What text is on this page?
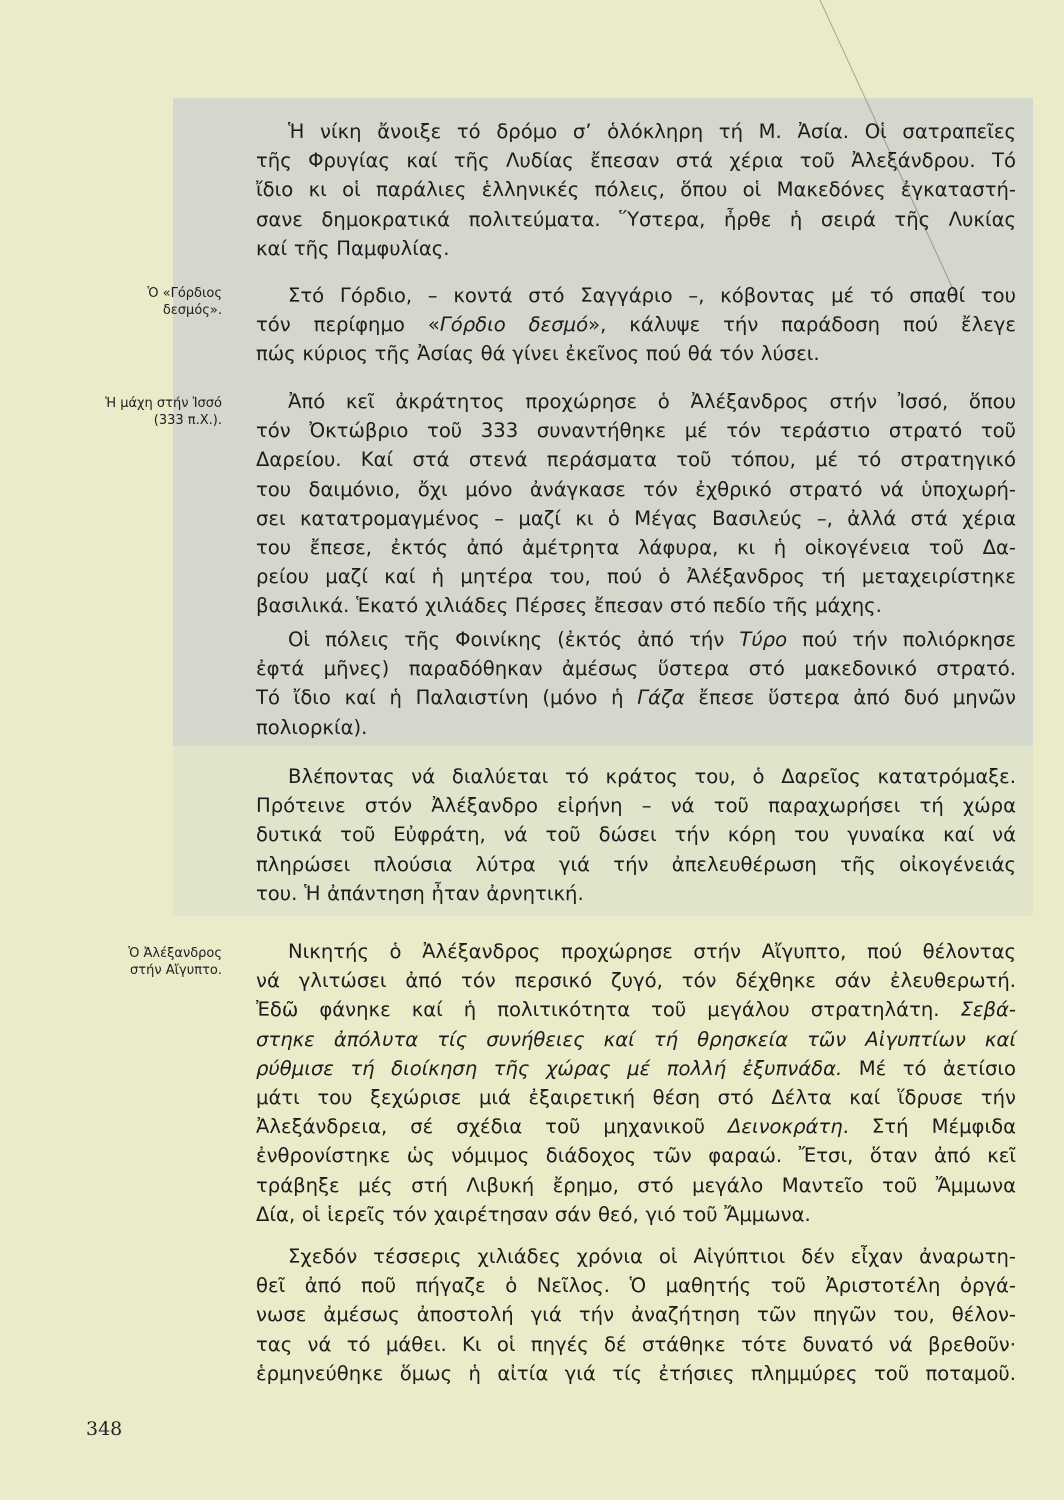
Ὁ «Γόρδιος
δεσμός».
Ἡ μάχη στήν Ἰσσό
(333 π.Χ.).
Ὁ Ἀλέξανδρος
στήν Αἴγυπτο.
Ἡ νίκη ἄνοιξε τό δρόμο σ’ ὁλόκληρη τή Μ. Ἀσία. Οἱ σατραπεῖες
τῆς Φρυγίας καί τῆς Λυδίας ἔπεσαν στά χέρια τοῦ Ἀλεξάνδρου. Τό
ἴδιο κι οἱ παράλιες ἑλληνικές πόλεις, ὅπου οἱ Μακεδόνες ἐγκαταστή-
σανε δημοκρατικά πολιτεύματα. Ὕστερα, ἦρθε ἡ σειρά τῆς Λυκίας
καί τῆς Παμφυλίας.
Στό Γόρδιο, – κοντά στό Σαγγάριο –, κόβοντας μέ τό σπαθί του
τόν περίφημο «Γόρδιο δεσμό», κάλυψε τήν παράδοση πού ἔλεγε
πώς κύριος τῆς Ἀσίας θά γίνει ἐκεῖνος πού θά τόν λύσει.
Ἀπό κεῖ ἀκράτητος προχώρησε ὁ Ἀλέξανδρος στήν Ἰσσό, ὅπου
τόν Ὀκτώβριο τοῦ 333 συναντήθηκε μέ τόν τεράστιο στρατό τοῦ
Δαρείου. Καί στά στενά περάσματα τοῦ τόπου, μέ τό στρατηγικό
του δαιμόνιο, ὄχι μόνο ἀνάγκασε τόν ἐχθρικό στρατό νά ὑποχωρή-
σει κατατρομαγμένος – μαζί κι ὁ Μέγας Βασιλεύς –, ἀλλά στά χέρια
του ἔπεσε, ἐκτός ἀπό ἀμέτρητα λάφυρα, κι ἡ οἰκογένεια τοῦ Δα-
ρείου μαζί καί ἡ μητέρα του, πού ὁ Ἀλέξανδρος τή μεταχειρίστηκε
βασιλικά. Ἑκατό χιλιάδες Πέρσες ἔπεσαν στό πεδίο τῆς μάχης.
Οἱ πόλεις τῆς Φοινίκης (ἐκτός ἀπό τήν Τύρο πού τήν πολιόρκησε
ἐφτά μῆνες) παραδόθηκαν ἀμέσως ὕστερα στό μακεδονικό στρατό.
Τό ἴδιο καί ἡ Παλαιστίνη (μόνο ἡ Γάζα ἔπεσε ὕστερα ἀπό δυό μηνῶν
πολιορκία).
Βλέποντας νά διαλύεται τό κράτος του, ὁ Δαρεῖος κατατρόμαξε.
Πρότεινε στόν Ἀλέξανδρο εἰρήνη – νά τοῦ παραχωρήσει τή χώρα
δυτικά τοῦ Εὐφράτη, νά τοῦ δώσει τήν κόρη του γυναίκα καί νά
πληρώσει πλούσια λύτρα γιά τήν ἀπελευθέρωση τῆς οἰκογένειάς
του. Ἡ ἀπάντηση ἦταν ἀρνητική.
Νικητής ὁ Ἀλέξανδρος προχώρησε στήν Αἴγυπτο, πού θέλοντας
νά γλιτώσει ἀπό τόν περσικό ζυγό, τόν δέχθηκε σάν ἐλευθερωτή.
Ἐδῶ φάνηκε καί ἡ πολιτικότητα τοῦ μεγάλου στρατηλάτη. Σεβά-
στηκε ἀπόλυτα τίς συνήθειες καί τή θρησκεία τῶν Αἰγυπτίων καί
ρύθμισε τή διοίκηση τῆς χώρας μέ πολλή ἐξυπνάδα. Μέ τό ἀετίσιο
μάτι του ξεχώρισε μιά ἐξαιρετική θέση στό Δέλτα καί ἵδρυσε τήν
Ἀλεξάνδρεια, σέ σχέδια τοῦ μηχανικοῦ Δεινοκράτη. Στή Μέμφιδα
ἐνθρονίστηκε ὡς νόμιμος διάδοχος τῶν φαραώ. Ἔτσι, ὅταν ἀπό κεῖ
τράβηξε μές στή Λιβυκή ἔρημο, στό μεγάλο Μαντεῖο τοῦ Ἄμμωνα
Δία, οἱ ἱερεῖς τόν χαιρέτησαν σάν θεό, γιό τοῦ Ἄμμωνα.
Σχεδόν τέσσερις χιλιάδες χρόνια οἱ Αἰγύπτιοι δέν εἶχαν ἀναρωτη-
θεῖ ἀπό ποῦ πήγαζε ὁ Νεῖλος. Ὁ μαθητής τοῦ Ἀριστοτέλη ὀργά-
νωσε ἀμέσως ἀποστολή γιά τήν ἀναζήτηση τῶν πηγῶν του, θέλον-
τας νά τό μάθει. Κι οἱ πηγές δέ στάθηκε τότε δυνατό νά βρεθοῦν·
ἑρμηνεύθηκε ὅμως ἡ αἰτία γιά τίς ἐτήσιες πλημμύρες τοῦ ποταμοῦ.
348
